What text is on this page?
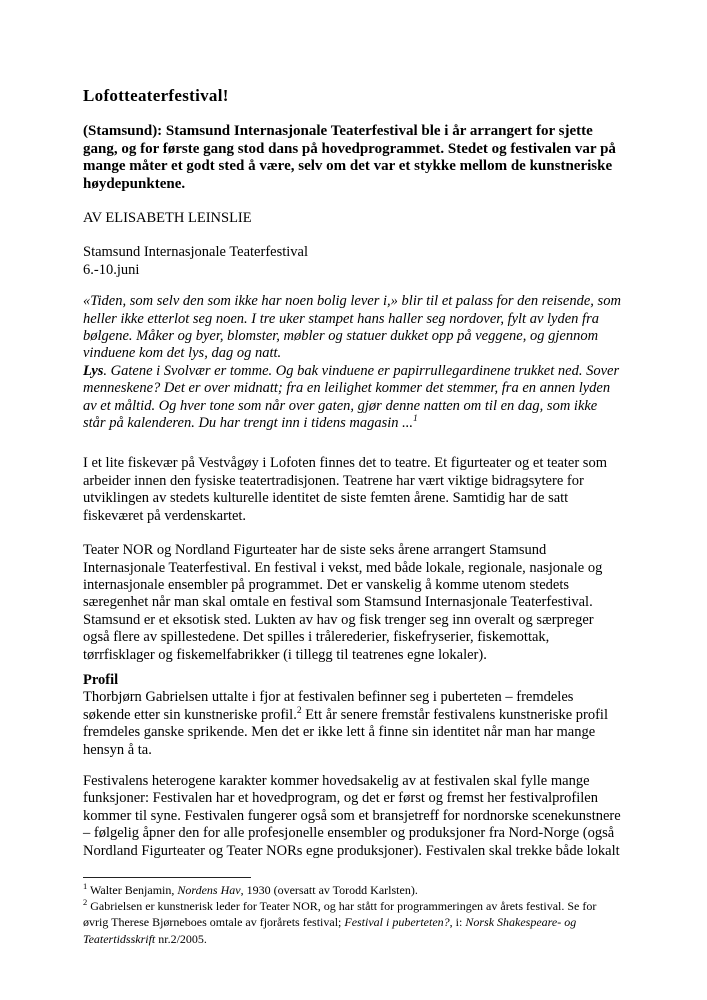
Lofotteaterfestival!

(Stamsund): Stamsund Internasjonale Teaterfestival ble i år arrangert for sjette gang, og for første gang stod dans på hovedprogrammet. Stedet og festivalen var på mange måter et godt sted å være, selv om det var et stykke mellom de kunstneriske høydepunktene.

AV ELISABETH LEINSLIE

Stamsund Internasjonale Teaterfestival
6.-10.juni

«Tiden, som selv den som ikke har noen bolig lever i,» blir til et palass for den reisende, som heller ikke etterlot seg noen. I tre uker stampet hans haller seg nordover, fylt av lyden fra bølgene. Måker og byer, blomster, møbler og statuer dukket opp på veggene, og gjennom vinduene kom det lys, dag og natt.
Lys. Gatene i Svolvær er tomme. Og bak vinduene er papirrullegardinene trukket ned. Sover menneskene? Det er over midnatt; fra en leilighet kommer det stemmer, fra en annen lyden av et måltid. Og hver tone som når over gaten, gjør denne natten om til en dag, som ikke står på kalenderen. Du har trengt inn i tidens magasin ...$^1$

I et lite fiskevær på Vestvågøy i Lofoten finnes det to teatre. Et figurteater og et teater som arbeider innen den fysiske teatertradisjonen. Teatrene har vært viktige bidragsytere for utviklingen av stedets kulturelle identitet de siste femten årene. Samtidig har de satt fiskeværet på verdenskartet.

Teater NOR og Nordland Figurteater har de siste seks årene arrangert Stamsund Internasjonale Teaterfestival. En festival i vekst, med både lokale, regionale, nasjonale og internasjonale ensembler på programmet. Det er vanskelig å komme utenom stedets særegenhet når man skal omtale en festival som Stamsund Internasjonale Teaterfestival. Stamsund er et eksotisk sted. Lukten av hav og fisk trenger seg inn overalt og særpreger også flere av spillestedene. Det spilles i trålerederier, fiskefryserier, fiskemottak, tørrfisklager og fiskemelfabrikker (i tillegg til teatrenes egne lokaler).

Profil

Thorbjørn Gabrielsen uttalte i fjor at festivalen befinner seg i puberteten – fremdeles søkende etter sin kunstneriske profil.$^2$ Ett år senere fremstår festivalens kunstneriske profil fremdeles ganske sprikende. Men det er ikke lett å finne sin identitet når man har mange hensyn å ta.

Festivalens heterogene karakter kommer hovedsakelig av at festivalen skal fylle mange funksjoner: Festivalen har et hovedprogram, og det er først og fremst her festivalprofilen kommer til syne. Festivalen fungerer også som et bransjetreff for nordnorske scenekunstnere – følgelig åpner den for alle profesjonelle ensembler og produksjoner fra Nord-Norge (også Nordland Figurteater og Teater NORs egne produksjoner). Festivalen skal trekke både lokalt

$^1$ Walter Benjamin, Nordens Hav, 1930 (oversatt av Torodd Karlsten).

$^2$ Gabrielsen er kunstnerisk leder for Teater NOR, og har stått for programmeringen av årets festival. Se for øvrig Therese Bjørneboes omtale av fjorårets festival; Festival i puberteten?, i: Norsk Shakespeare- og Teatertidsskrift nr.2/2005.
